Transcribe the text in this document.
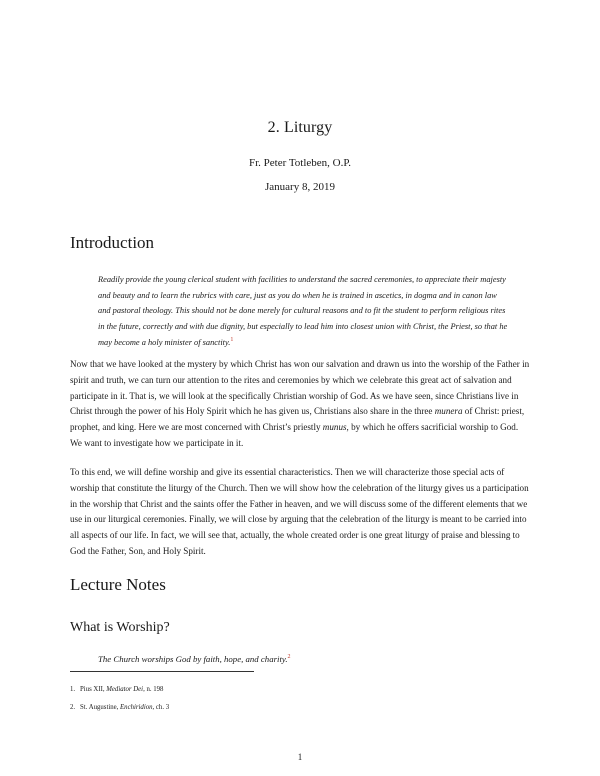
2. Liturgy
Fr. Peter Totleben, O.P.
January 8, 2019
Introduction
Readily provide the young clerical student with facilities to understand the sacred ceremonies, to appreciate their majesty and beauty and to learn the rubrics with care, just as you do when he is trained in ascetics, in dogma and in canon law and pastoral theology. This should not be done merely for cultural reasons and to fit the student to perform religious rites in the future, correctly and with due dignity, but especially to lead him into closest union with Christ, the Priest, so that he may become a holy minister of sanctity.$^1$
Now that we have looked at the mystery by which Christ has won our salvation and drawn us into the worship of the Father in spirit and truth, we can turn our attention to the rites and ceremonies by which we celebrate this great act of salvation and participate in it. That is, we will look at the specifically Christian worship of God. As we have seen, since Christians live in Christ through the power of his Holy Spirit which he has given us, Christians also share in the three munera of Christ: priest, prophet, and king. Here we are most concerned with Christ’s priestly munus, by which he offers sacrificial worship to God. We want to investigate how we participate in it.
To this end, we will define worship and give its essential characteristics. Then we will characterize those special acts of worship that constitute the liturgy of the Church. Then we will show how the celebration of the liturgy gives us a participation in the worship that Christ and the saints offer the Father in heaven, and we will discuss some of the different elements that we use in our liturgical ceremonies. Finally, we will close by arguing that the celebration of the liturgy is meant to be carried into all aspects of our life. In fact, we will see that, actually, the whole created order is one great liturgy of praise and blessing to God the Father, Son, and Holy Spirit.
Lecture Notes
What is Worship?
The Church worships God by faith, hope, and charity.$^2$
1. Pius XII, Mediator Dei, n. 198
2. St. Augustine, Enchiridion, ch. 3
1
